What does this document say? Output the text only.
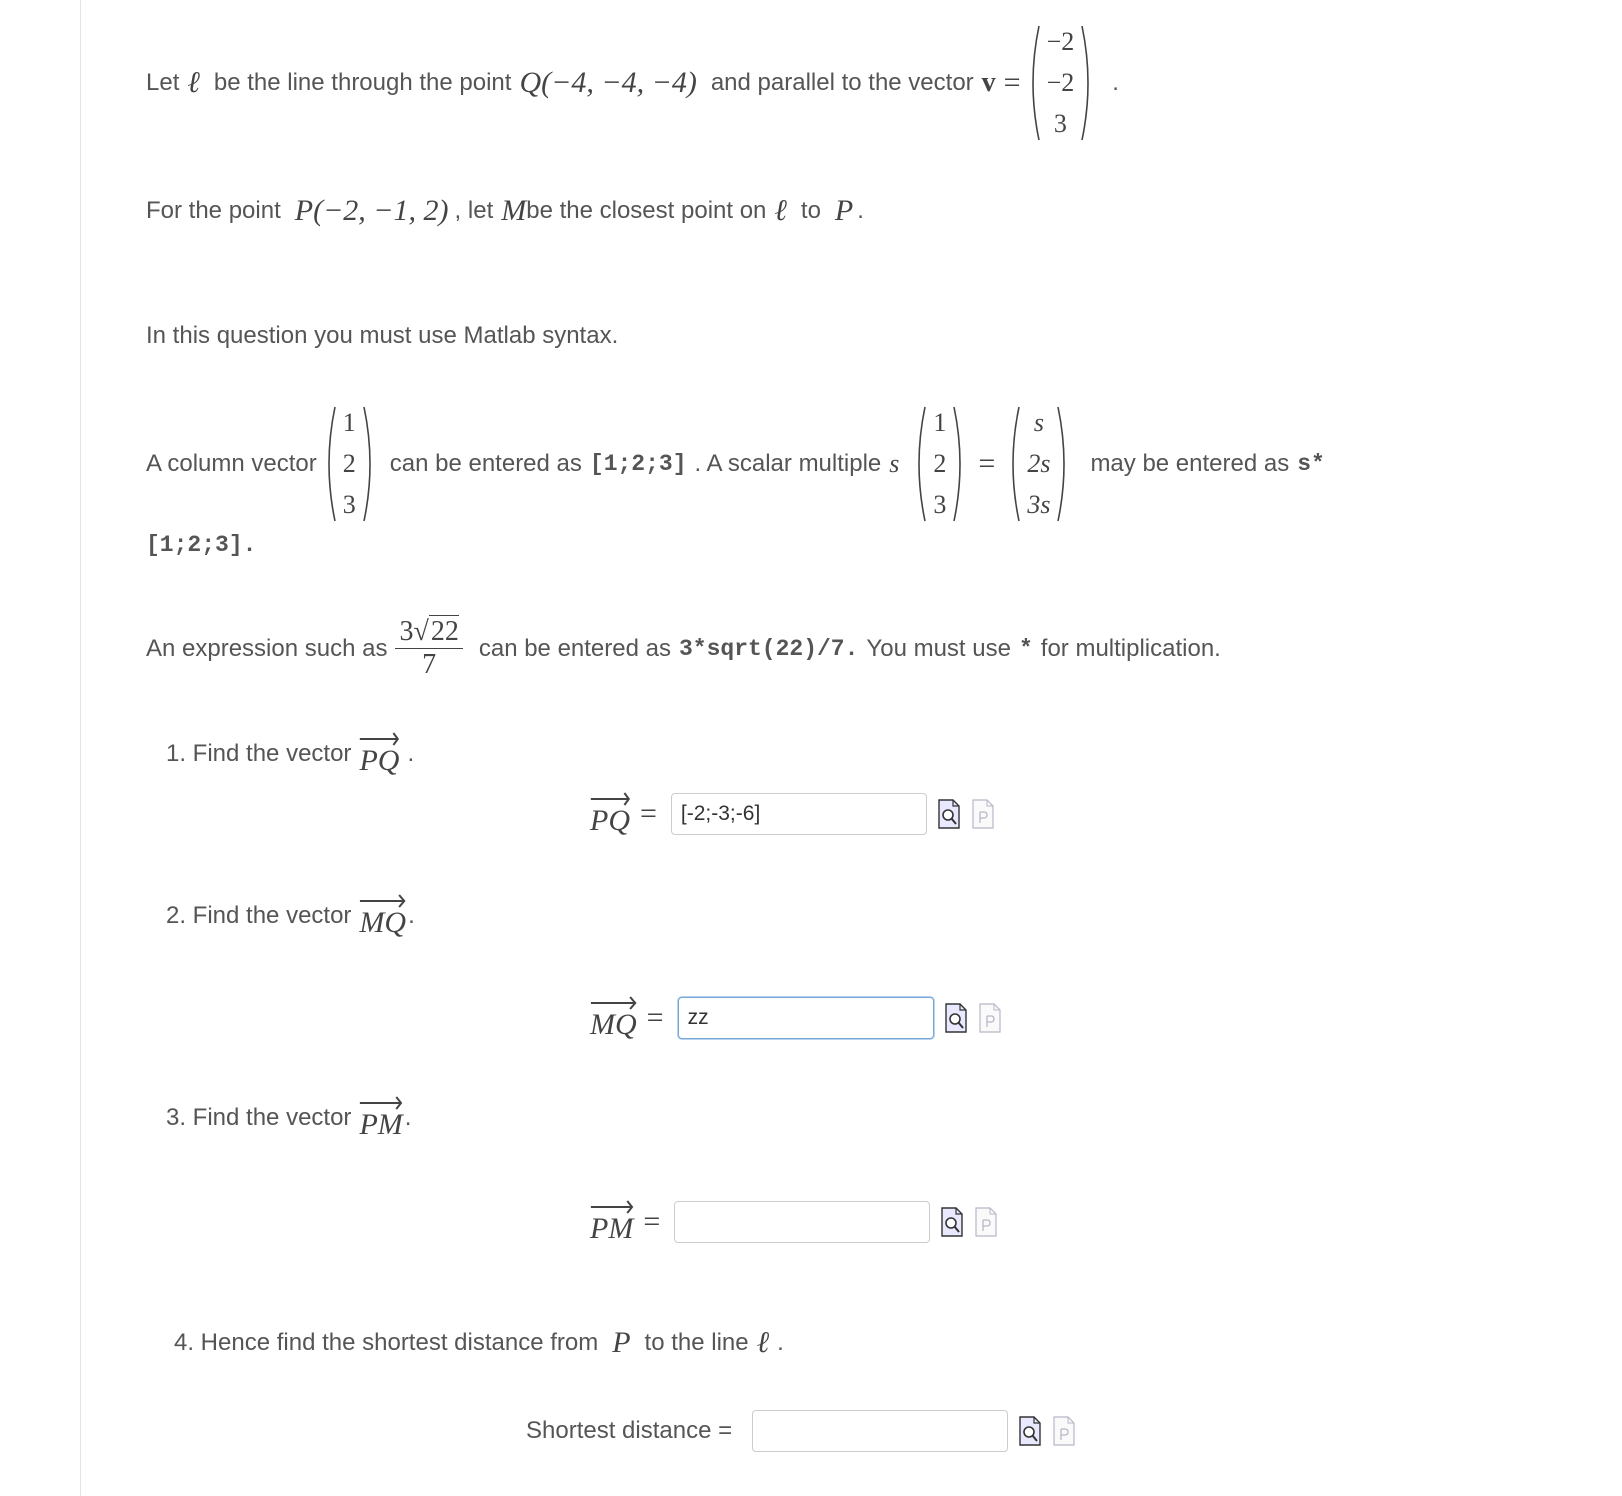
Let ℓ be the line through the point Q(−4, −4, −4) and parallel to the vector v =
−2
−2
3
.
For the point P(−2, −1, 2) , let M be the closest point on ℓ to P .
In this question you must use Matlab syntax.
A column vector
1
2
3
can be entered as [1;2;3] . A scalar multiple s
1
2
3
=
s
2s
3s
may be entered as s*
[1;2;3] .
An expression such as $\frac{3√22}{7}$ can be entered as 3*sqrt(22)/7. You must use * for multiplication.
1. Find the vector PQ .
PQ =
[-2;-3;-6]
2. Find the vector MQ .
MQ =
zz
3. Find the vector PM .
PM =
4. Hence find the shortest distance from P to the line ℓ .
Shortest distance =
